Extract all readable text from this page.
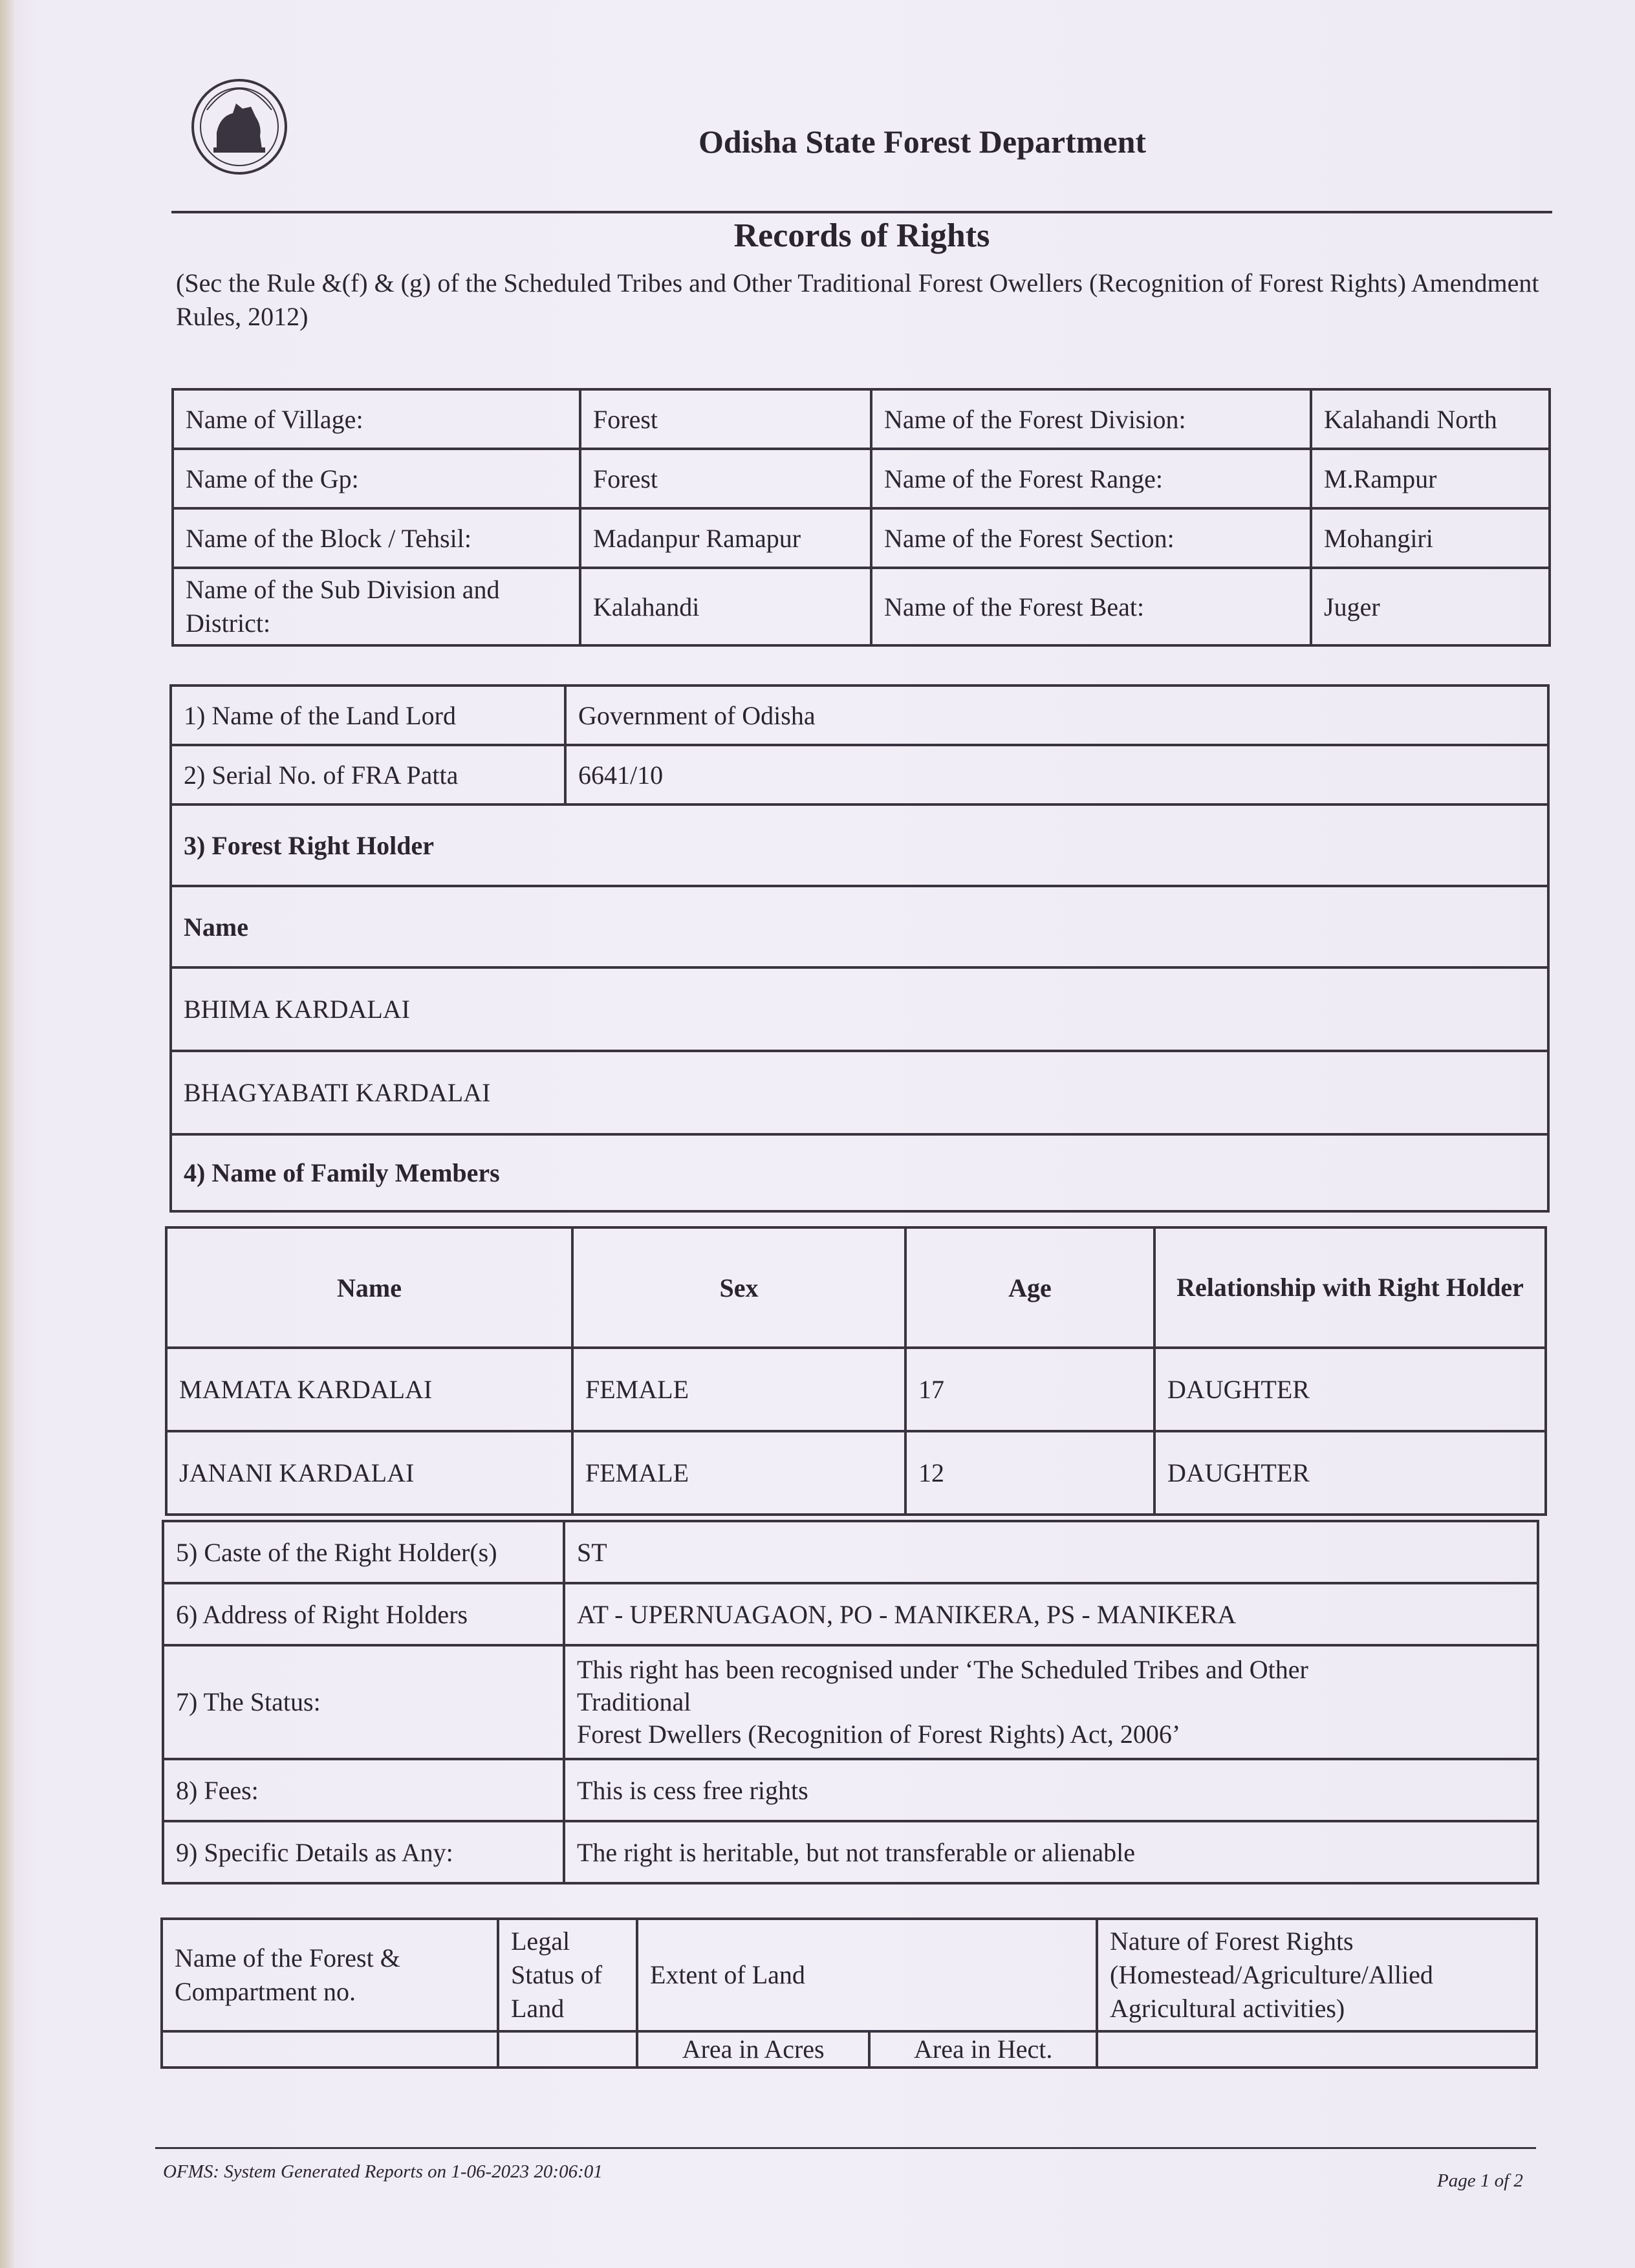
Odisha State Forest Department
Records of Rights
(Sec the Rule &(f) & (g) of the Scheduled Tribes and Other Traditional Forest Owellers (Recognition of Forest Rights) Amendment Rules, 2012)
Name of Village:	Forest	Name of the Forest Division:	Kalahandi North
Name of the Gp:	Forest	Name of the Forest Range:	M.Rampur
Name of the Block / Tehsil:	Madanpur Ramapur	Name of the Forest Section:	Mohangiri
Name of the Sub Division and District:	Kalahandi	Name of the Forest Beat:	Juger
1) Name of the Land Lord	Government of Odisha
2) Serial No. of FRA Patta	6641/10
3) Forest Right Holder	
Name	
BHIMA KARDALAI	
BHAGYABATI KARDALAI	
4) Name of Family Members	
Name	Sex	Age	Relationship with Right Holder
MAMATA KARDALAI	FEMALE	17	DAUGHTER
JANANI KARDALAI	FEMALE	12	DAUGHTER
5) Caste of the Right Holder(s)	ST
6) Address of Right Holders	AT - UPERNUAGAON, PO - MANIKERA, PS - MANIKERA
7) The Status:	This right has been recognised under ‘The Scheduled Tribes and Other
Traditional
Forest Dwellers (Recognition of Forest Rights) Act, 2006’

8) Fees:	This is cess free rights
9) Specific Details as Any:	The right is heritable, but not transferable or alienable
Name of the Forest & Compartment no.	Legal Status of Land	Extent of Land		Nature of Forest Rights (Homestead/Agriculture/Allied Agricultural activities)
		Area in Acres	Area in Hect.	
OFMS: System Generated Reports on 1-06-2023 20:06:01	Page 1 of 2
